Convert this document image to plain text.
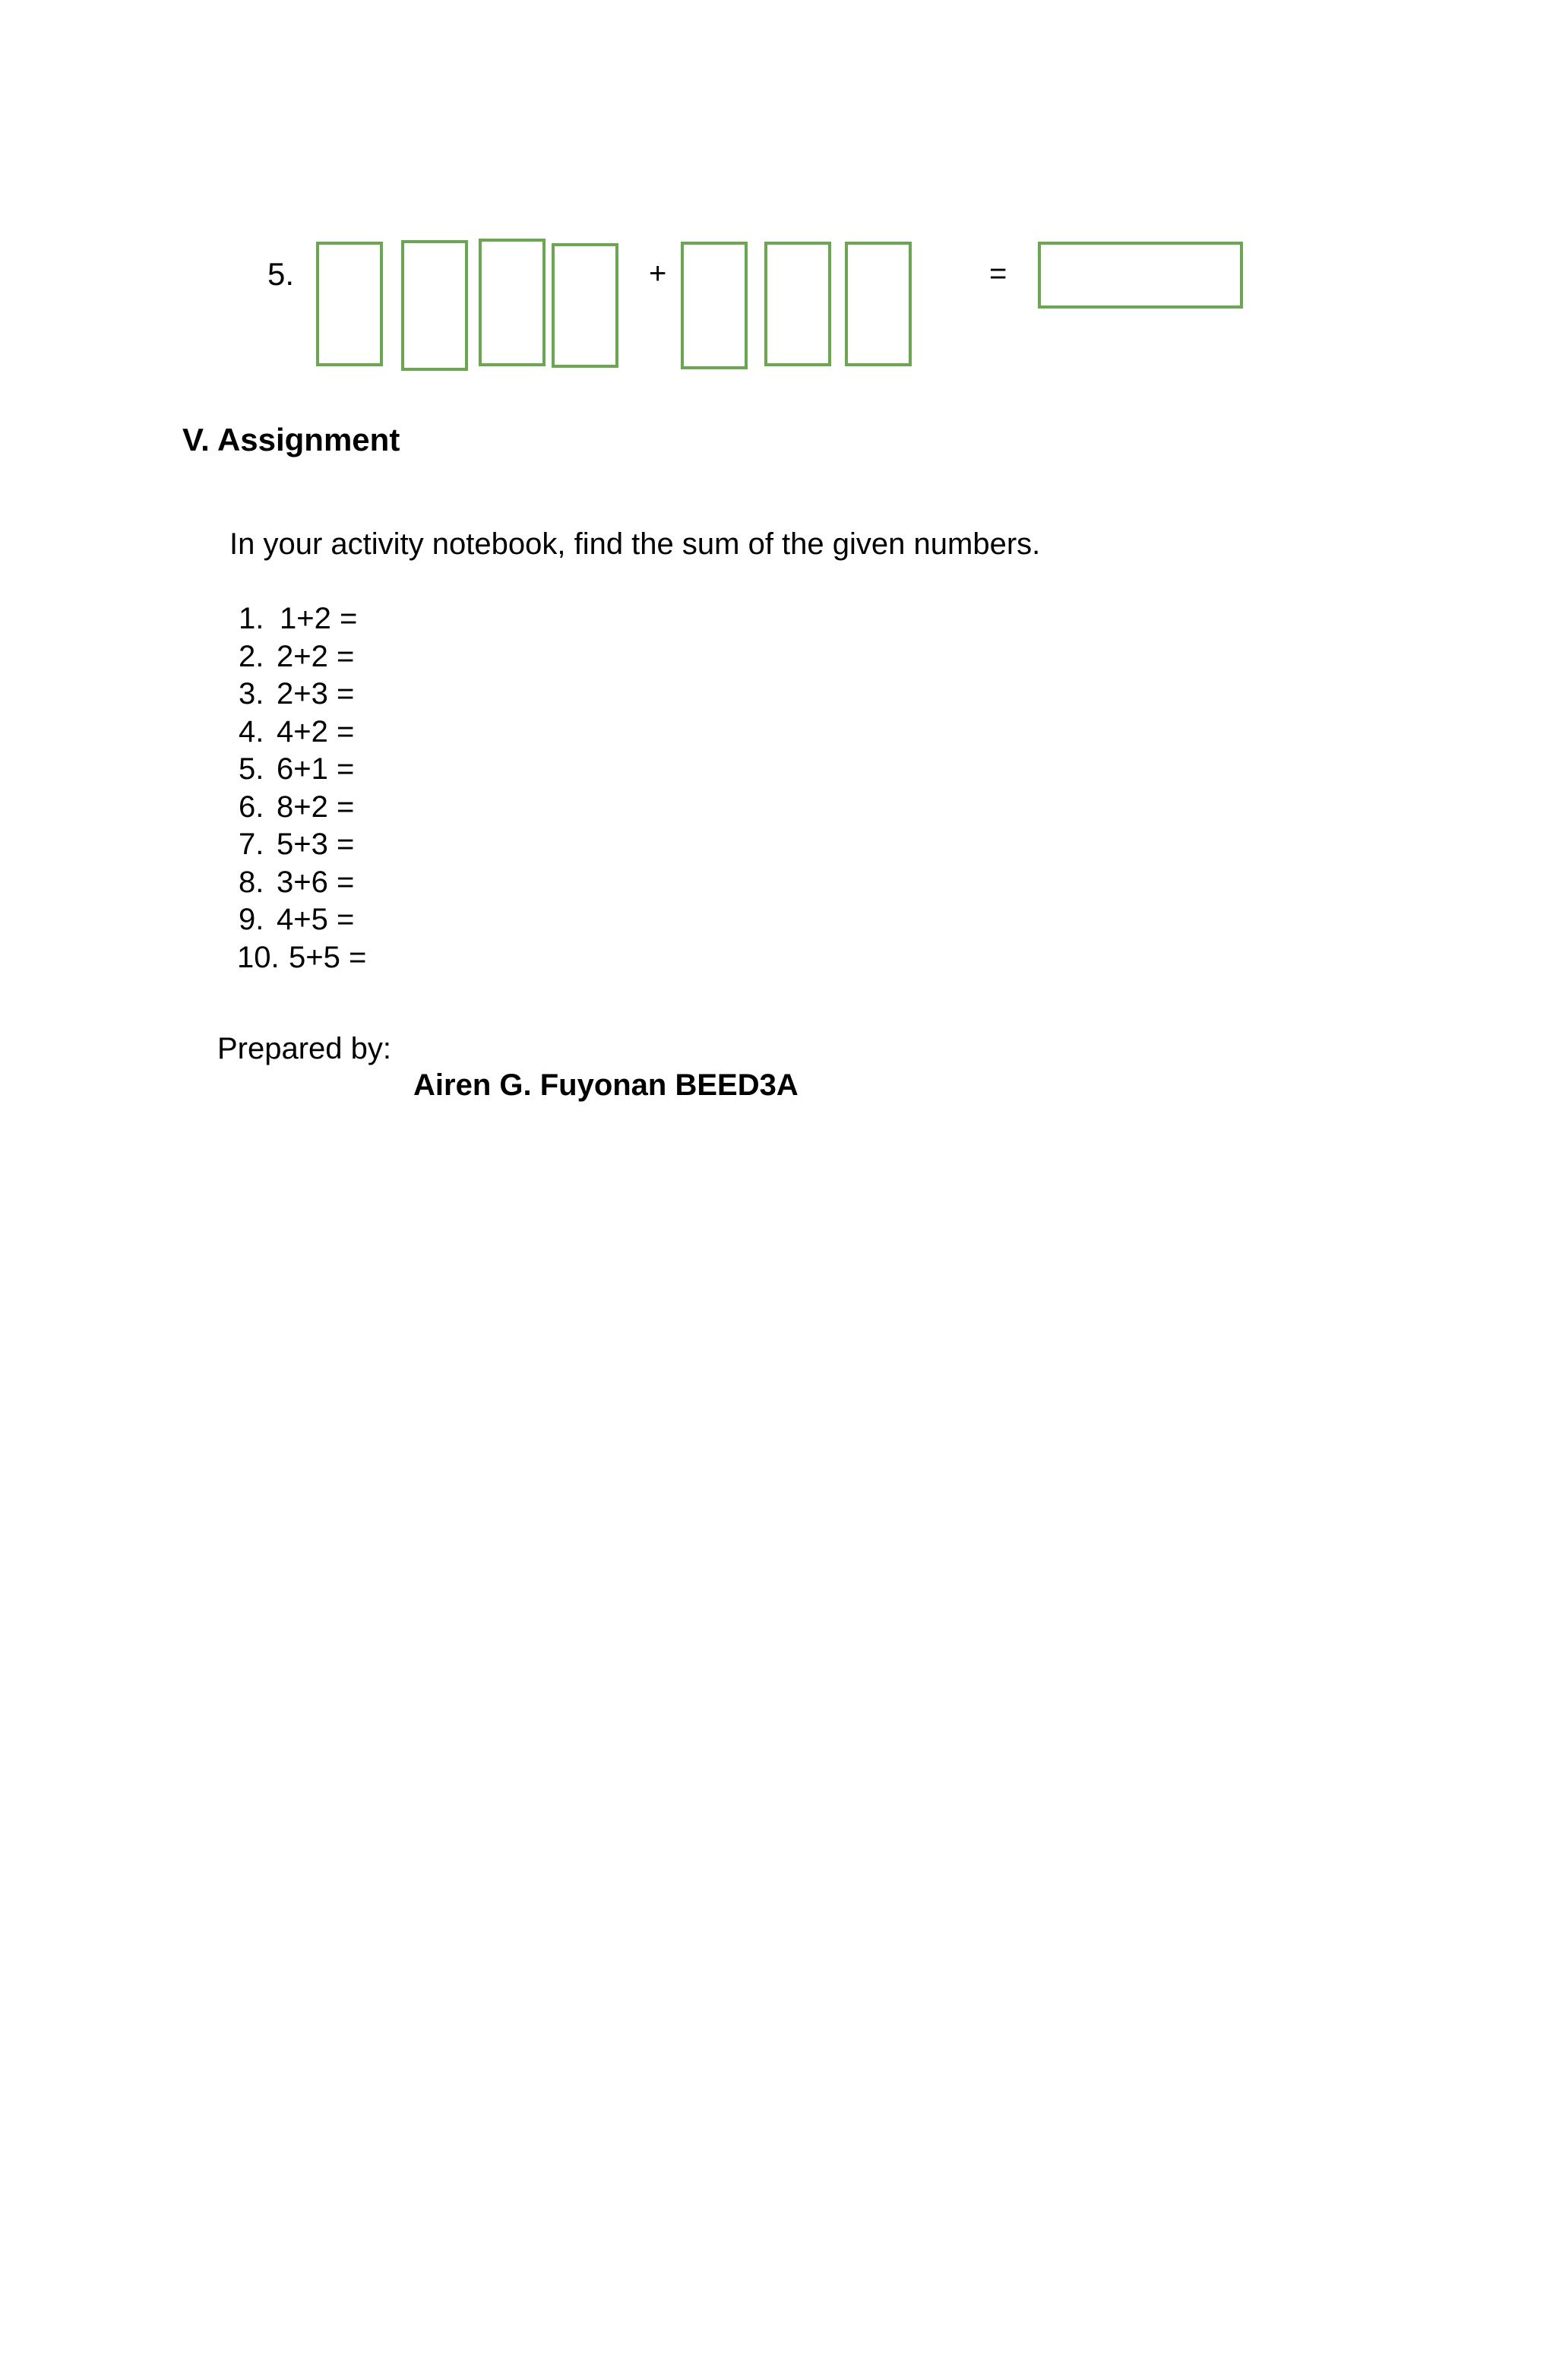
5.	+	=
V. Assignment
In your activity notebook, find the sum of the given numbers.
1. 1+2 =
2. 2+2 =
3. 2+3 =
4. 4+2 =
5. 6+1 =
6. 8+2 =
7. 5+3 =
8. 3+6 =
9. 4+5 =
10. 5+5 =
Prepared by:
Airen G. Fuyonan BEED3A
